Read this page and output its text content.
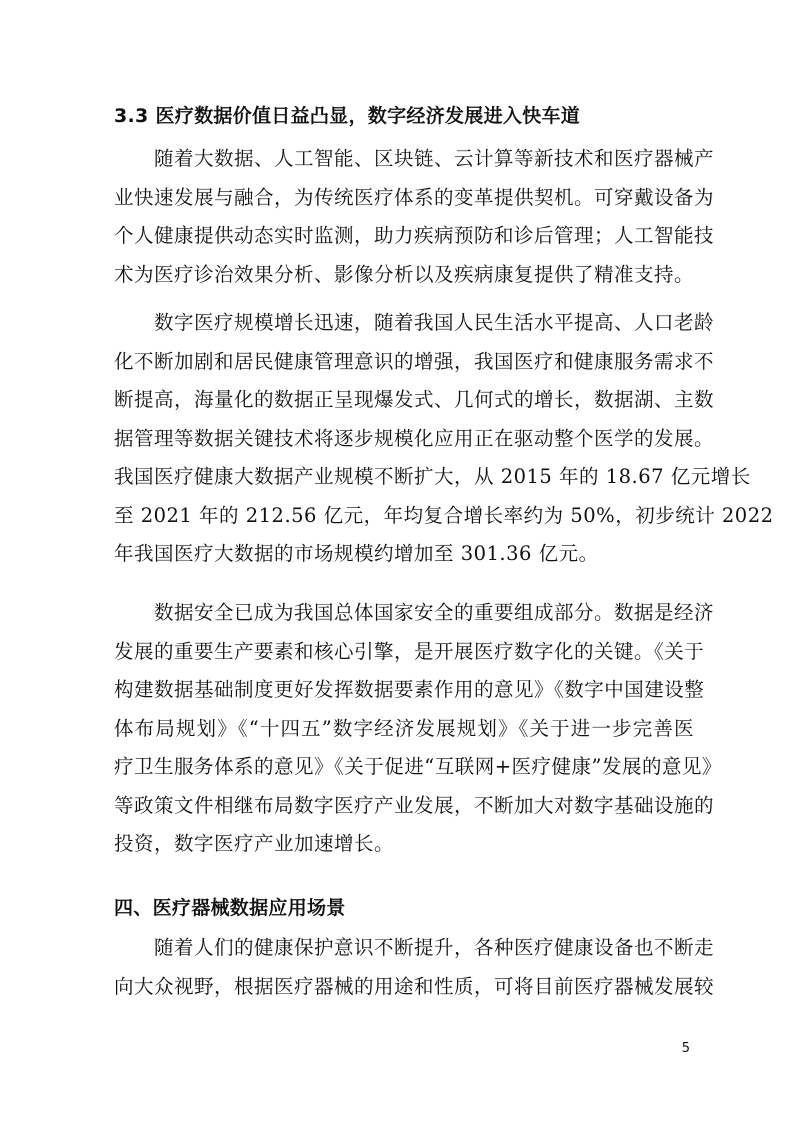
3.3 医疗数据价值日益凸显，数字经济发展进入快车道
　　随着大数据、人工智能、区块链、云计算等新技术和医疗器械产
业快速发展与融合，为传统医疗体系的变革提供契机。可穿戴设备为
个人健康提供动态实时监测，助力疾病预防和诊后管理；人工智能技
术为医疗诊治效果分析、影像分析以及疾病康复提供了精准支持。
　　数字医疗规模增长迅速，随着我国人民生活水平提高、人口老龄
化不断加剧和居民健康管理意识的增强，我国医疗和健康服务需求不
断提高，海量化的数据正呈现爆发式、几何式的增长，数据湖、主数
据管理等数据关键技术将逐步规模化应用正在驱动整个医学的发展。
我国医疗健康大数据产业规模不断扩大，从 2015 年的 18.67 亿元增长
至 2021 年的 212.56 亿元，年均复合增长率约为 50%，初步统计 2022
年我国医疗大数据的市场规模约增加至 301.36 亿元。
　　数据安全已成为我国总体国家安全的重要组成部分。数据是经济
发展的重要生产要素和核心引擎，是开展医疗数字化的关键。《关于
构建数据基础制度更好发挥数据要素作用的意见》《数字中国建设整
体布局规划》《“十四五”数字经济发展规划》《关于进一步完善医
疗卫生服务体系的意见》《关于促进“互联网+医疗健康”发展的意见》
等政策文件相继布局数字医疗产业发展，不断加大对数字基础设施的
投资，数字医疗产业加速增长。
四、医疗器械数据应用场景
　　随着人们的健康保护意识不断提升，各种医疗健康设备也不断走
向大众视野，根据医疗器械的用途和性质，可将目前医疗器械发展较
5
